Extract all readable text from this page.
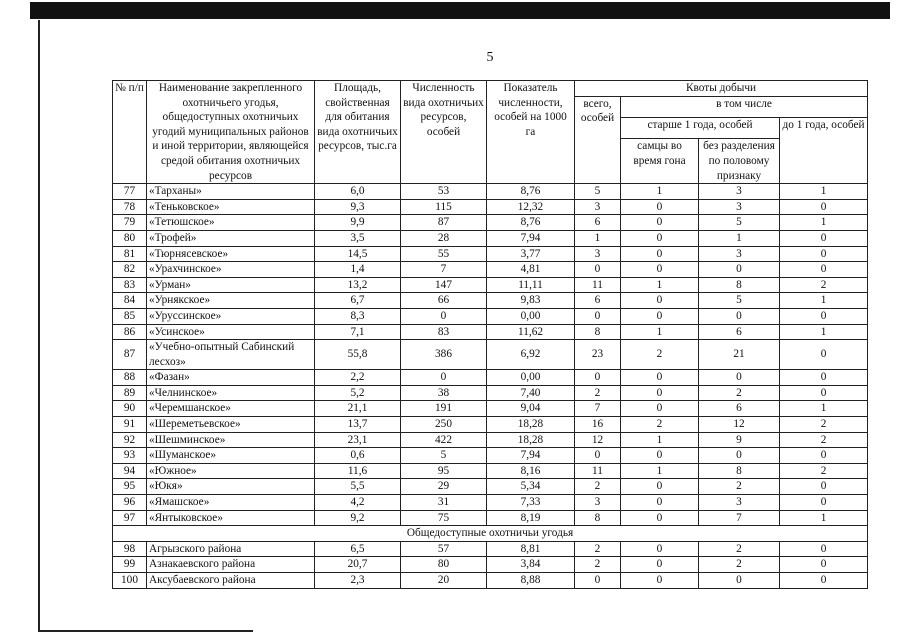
5
№ п/п	Наименование закрепленного охотничьего угодья, общедоступных охотничьих угодий муниципальных районов и иной территории, являющейся средой обитания охотничьих ресурсов	Площадь, свойственная для обитания вида охотничьих ресурсов, тыс.га	Численность вида охотничьих ресурсов, особей	Показатель численности, особей на 1000 га	Квоты добычи			
					всего, особей	в том числе		
						старше 1 года, особей		до 1 года, особей
						самцы во время гона	без разделения по половому признаку	
77	«Тарханы»	6,0	53	8,76	5	1	3	1
78	«Теньковское»	9,3	115	12,32	3	0	3	0
79	«Тетюшское»	9,9	87	8,76	6	0	5	1
80	«Трофей»	3,5	28	7,94	1	0	1	0
81	«Тюрнясевское»	14,5	55	3,77	3	0	3	0
82	«Урахчинское»	1,4	7	4,81	0	0	0	0
83	«Урман»	13,2	147	11,11	11	1	8	2
84	«Урнякское»	6,7	66	9,83	6	0	5	1
85	«Уруссинское»	8,3	0	0,00	0	0	0	0
86	«Усинское»	7,1	83	11,62	8	1	6	1
87	«Учебно-опытный Сабинский лесхоз»	55,8	386	6,92	23	2	21	0
88	«Фазан»	2,2	0	0,00	0	0	0	0
89	«Челнинское»	5,2	38	7,40	2	0	2	0
90	«Черемшанское»	21,1	191	9,04	7	0	6	1
91	«Шереметьевское»	13,7	250	18,28	16	2	12	2
92	«Шешминское»	23,1	422	18,28	12	1	9	2
93	«Шуманское»	0,6	5	7,94	0	0	0	0
94	«Южное»	11,6	95	8,16	11	1	8	2
95	«Юкя»	5,5	29	5,34	2	0	2	0
96	«Ямашское»	4,2	31	7,33	3	0	3	0
97	«Янтыковское»	9,2	75	8,19	8	0	7	1
Общедоступные охотничьи угодья								
98	Агрызского района	6,5	57	8,81	2	0	2	0
99	Азнакаевского района	20,7	80	3,84	2	0	2	0
100	Аксубаевского района	2,3	20	8,88	0	0	0	0
